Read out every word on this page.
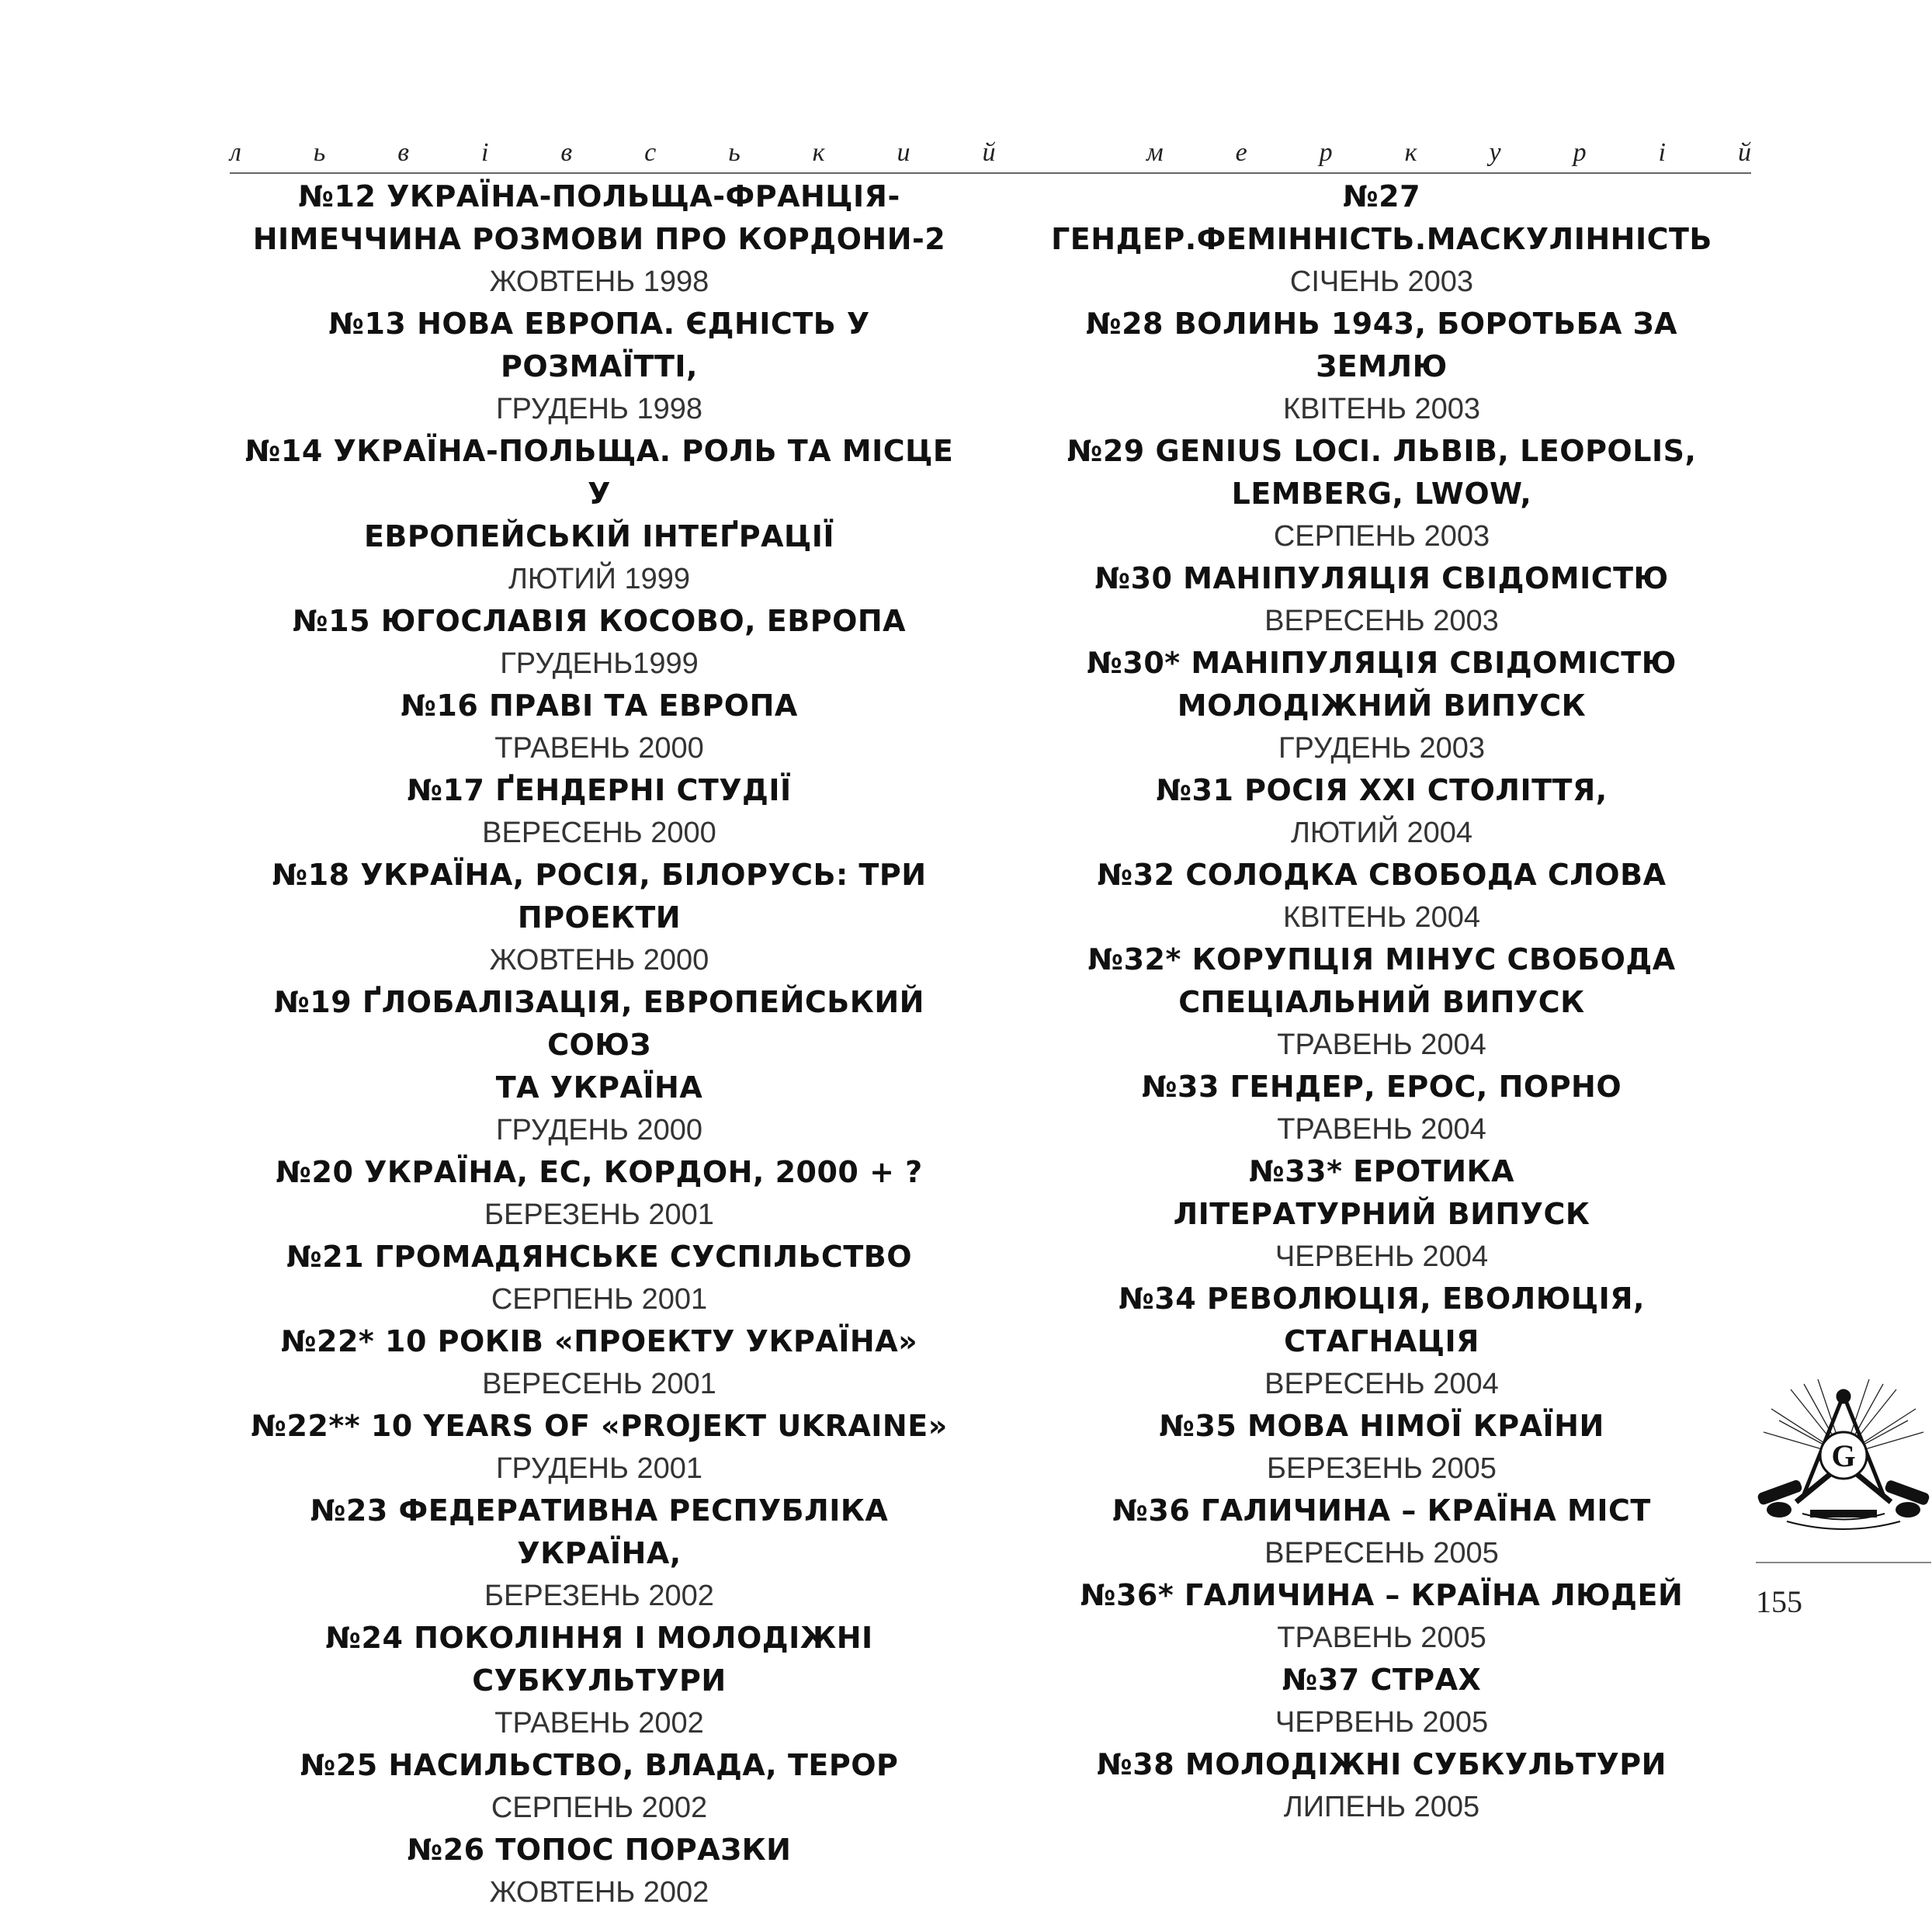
л	ь	в	і	в	с	ь	к	и	й
	м	е	р	к	у	р	і	й
№12 УКРАЇНА-ПОЛЬЩА-ФРАНЦІЯ-
НІМЕЧЧИНА РОЗМОВИ ПРО КОРДОНИ-2
ЖОВТЕНЬ 1998
№13 НОВА ЕВРОПА. ЄДНІСТЬ У РОЗМАЇТТІ,
ГРУДЕНЬ 1998
№14 УКРАЇНА-ПОЛЬЩА. РОЛЬ ТА МІСЦЕ У
ЕВРОПЕЙСЬКІЙ ІНТЕҐРАЦІЇ
ЛЮТИЙ 1999
№15 ЮГОСЛАВІЯ КОСОВО, ЕВРОПА
ГРУДЕНЬ1999
№16 ПРАВІ ТА ЕВРОПА
ТРАВЕНЬ 2000
№17 ҐЕНДЕРНІ СТУДІЇ
ВЕРЕСЕНЬ 2000
№18 УКРАЇНА, РОСІЯ, БІЛОРУСЬ: ТРИ
ПРОЕКТИ
ЖОВТЕНЬ 2000
№19 ҐЛОБАЛІЗАЦІЯ, ЕВРОПЕЙСЬКИЙ СОЮЗ
ТА УКРАЇНА
ГРУДЕНЬ 2000
№20 УКРАЇНА, ЕС, КОРДОН, 2000 + ?
БЕРЕЗЕНЬ 2001
№21 ГРОМАДЯНСЬКЕ СУСПІЛЬСТВО
СЕРПЕНЬ 2001
№22* 10 РОКІВ «ПРОЕКТУ УКРАЇНА»
ВЕРЕСЕНЬ 2001
№22** 10 YEARS OF «PROJEKT UKRAINE»
ГРУДЕНЬ 2001
№23 ФЕДЕРАТИВНА РЕСПУБЛІКА УКРАЇНА,
БЕРЕЗЕНЬ 2002
№24 ПОКОЛІННЯ І МОЛОДІЖНІ
СУБКУЛЬТУРИ
ТРАВЕНЬ 2002
№25 НАСИЛЬСТВО, ВЛАДА, ТЕРОР
СЕРПЕНЬ 2002
№26 ТОПОС ПОРАЗКИ
ЖОВТЕНЬ 2002
№27 ГЕНДЕР.ФЕМІННІСТЬ.МАСКУЛІННІСТЬ
СІЧЕНЬ 2003
№28 ВОЛИНЬ 1943, БОРОТЬБА ЗА ЗЕМЛЮ
КВІТЕНЬ 2003
№29 GENIUS LOCI. ЛЬВІВ, LEOPOLIS,
LEMBERG, LWOW,
СЕРПЕНЬ 2003
№30 МАНІПУЛЯЦІЯ СВІДОМІСТЮ
ВЕРЕСЕНЬ 2003
№30* МАНІПУЛЯЦІЯ СВІДОМІСТЮ
МОЛОДІЖНИЙ ВИПУСК
ГРУДЕНЬ 2003
№31 РОСІЯ XXI СТОЛІТТЯ,
ЛЮТИЙ 2004
№32 СОЛОДКА СВОБОДА СЛОВА
КВІТЕНЬ 2004
№32* КОРУПЦІЯ МІНУС СВОБОДА
СПЕЦІАЛЬНИЙ ВИПУСК
ТРАВЕНЬ 2004
№33 ГЕНДЕР, ЕРОС, ПОРНО
ТРАВЕНЬ 2004
№33* ЕРОТИКА
ЛІТЕРАТУРНИЙ ВИПУСК
ЧЕРВЕНЬ 2004
№34 РЕВОЛЮЦІЯ, ЕВОЛЮЦІЯ, СТАГНАЦІЯ
ВЕРЕСЕНЬ 2004
№35 МОВА НІМОЇ КРАЇНИ
БЕРЕЗЕНЬ 2005
№36 ГАЛИЧИНА – КРАЇНА МІСТ
ВЕРЕСЕНЬ 2005
№36* ГАЛИЧИНА – КРАЇНА ЛЮДЕЙ
ТРАВЕНЬ 2005
№37 СТРАХ
ЧЕРВЕНЬ 2005
№38 МОЛОДІЖНІ СУБКУЛЬТУРИ
ЛИПЕНЬ 2005
G
155
